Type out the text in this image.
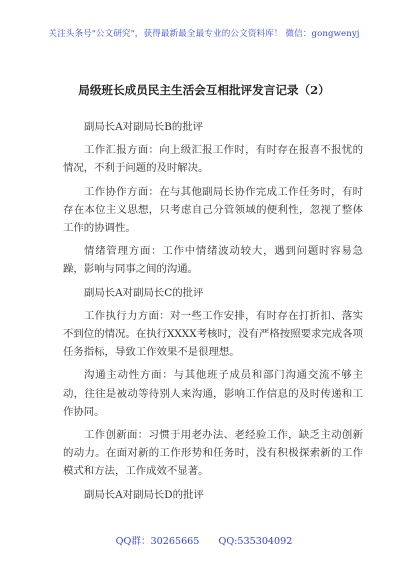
关注头条号"公文研究"，获得最新最全最专业的公文资料库！ 微信：gongwenyj
局级班长成员民主生活会互相批评发言记录（2）

副局长A对副局长B的批评

工作汇报方面：向上级汇报工作时，有时存在报喜不报忧的情况，不利于问题的及时解决。

工作协作方面：在与其他副局长协作完成工作任务时，有时存在本位主义思想，只考虑自己分管领域的便利性，忽视了整体工作的协调性。

情绪管理方面：工作中情绪波动较大，遇到问题时容易急躁，影响与同事之间的沟通。

副局长A对副局长C的批评

工作执行力方面：对一些工作安排，有时存在打折扣、落实不到位的情况。在执行XXXX考核时，没有严格按照要求完成各项任务指标，导致工作效果不是很理想。

沟通主动性方面：与其他班子成员和部门沟通交流不够主动，往往是被动等待别人来沟通，影响工作信息的及时传递和工作协同。

工作创新面：习惯于用老办法、老经验工作，缺乏主动创新的动力。在面对新的工作形势和任务时，没有积极探索新的工作模式和方法，工作成效不显著。

副局长A对副局长D的批评

QQ群：30265665 QQ:535304092
